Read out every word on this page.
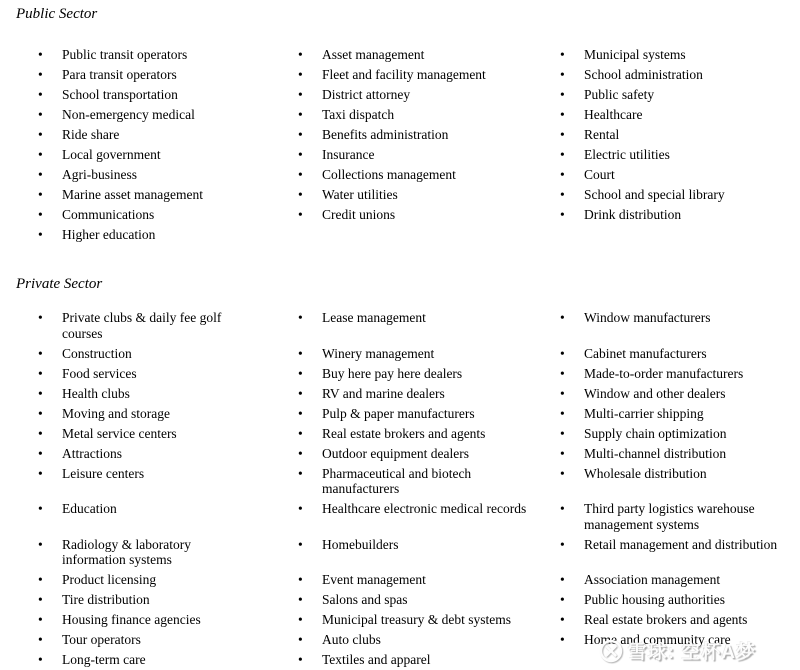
Public Sector
• Public transit operators	• Asset management	• Municipal systems

• Para transit operators	• Fleet and facility management	• School administration

• School transportation	• District attorney	• Public safety

• Non-emergency medical	• Taxi dispatch	• Healthcare

• Ride share	• Benefits administration	• Rental

• Local government	• Insurance	• Electric utilities

• Agri-business	• Collections management	• Court

• Marine asset management	• Water utilities	• School and special library

• Communications	• Credit unions	• Drink distribution

• Higher education		

Private Sector
• Private clubs & daily fee golf courses	• Lease management	• Window manufacturers

• Construction	• Winery management	• Cabinet manufacturers

• Food services	• Buy here pay here dealers	• Made-to-order manufacturers

• Health clubs	• RV and marine dealers	• Window and other dealers

• Moving and storage	• Pulp & paper manufacturers	• Multi-carrier shipping

• Metal service centers	• Real estate brokers and agents	• Supply chain optimization

• Attractions	• Outdoor equipment dealers	• Multi-channel distribution

• Leisure centers	• Pharmaceutical and biotech manufacturers	• Wholesale distribution

• Education	• Healthcare electronic medical records	• Third party logistics warehouse management systems

• Radiology & laboratory information systems	• Homebuilders	• Retail management and distribution

• Product licensing	• Event management	• Association management

• Tire distribution	• Salons and spas	• Public housing authorities

• Housing finance agencies	• Municipal treasury & debt systems	• Real estate brokers and agents

• Tour operators	• Auto clubs	• Home and community care

• Long-term care	• Textiles and apparel	
		雪球: 空杯A梦
